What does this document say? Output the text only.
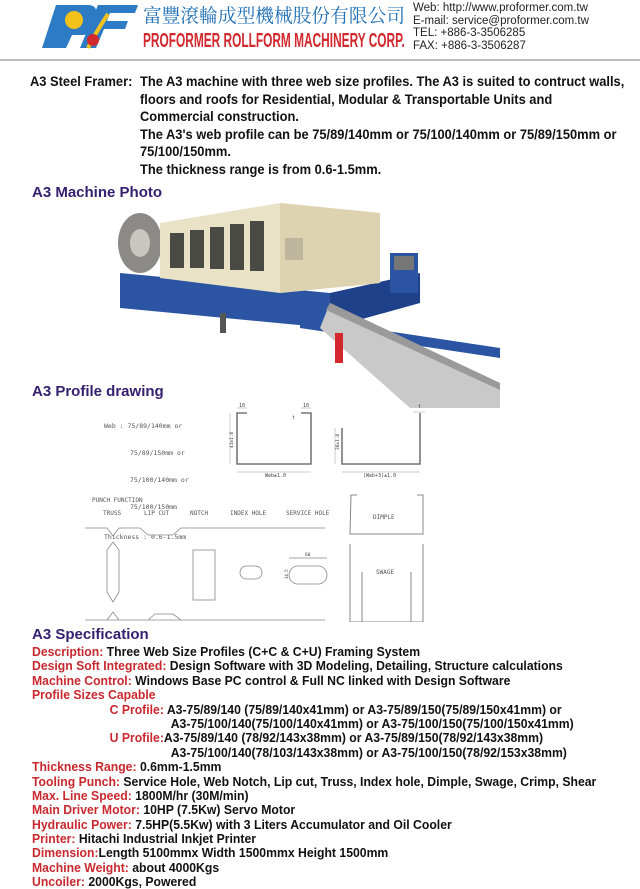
富豐滾輪成型機械股份有限公司
PROFORMER ROLLFORM MACHINERY CORP.
Web: http://www.proformer.com.tw
E-mail: service@proformer.com.tw
TEL: +886-3-3506285
FAX: +886-3-3506287
A3 Steel Framer: The A3 machine with three web size profiles. The A3 is suited to contruct walls, floors and roofs for Residential, Modular & Transportable Units and Commercial construction.

The A3's web profile can be 75/89/140mm or 75/100/140mm or 75/89/150mm or 75/100/150mm.

The thickness range is from 0.6-1.5mm.

A3 Machine Photo
A3 Profile drawing

Web : 75/89/140mm or

75/89/150mm or

75/100/140mm or

75/100/150mm

Thickness : 0.6-1.5mm

10	10
41±1.0
Web±1.0
t
38±1.0
(Web+3)±1.0
t
PUNCH FUNCTION
TRUSS	LIP CUT	NOTCH	INDEX HOLE	SERVICE HOLE
60
34.5
DIMPLE
SWAGE
A3 Specification
Description: Three Web Size Profiles (C+C & C+U) Framing System
Design Soft Integrated: Design Software with 3D Modeling, Detailing, Structure calculations
Machine Control: Windows Base PC control & Full NC linked with Design Software
Profile Sizes Capable
C Profile: A3-75/89/140 (75/89/140x41mm) or A3-75/89/150(75/89/150x41mm) or
A3-75/100/140(75/100/140x41mm) or A3-75/100/150(75/100/150x41mm)
U Profile:A3-75/89/140 (78/92/143x38mm) or A3-75/89/150(78/92/143x38mm)
A3-75/100/140(78/103/143x38mm) or A3-75/100/150(78/92/153x38mm)
Thickness Range: 0.6mm-1.5mm
Tooling Punch: Service Hole, Web Notch, Lip cut, Truss, Index hole, Dimple, Swage, Crimp, Shear
Max. Line Speed: 1800M/hr (30M/min)
Main Driver Motor: 10HP (7.5Kw) Servo Motor
Hydraulic Power: 7.5HP(5.5Kw) with 3 Liters Accumulator and Oil Cooler
Printer: Hitachi Industrial Inkjet Printer
Dimension:Length 5100mmx Width 1500mmx Height 1500mm
Machine Weight: about 4000Kgs
Uncoiler: 2000Kgs, Powered
